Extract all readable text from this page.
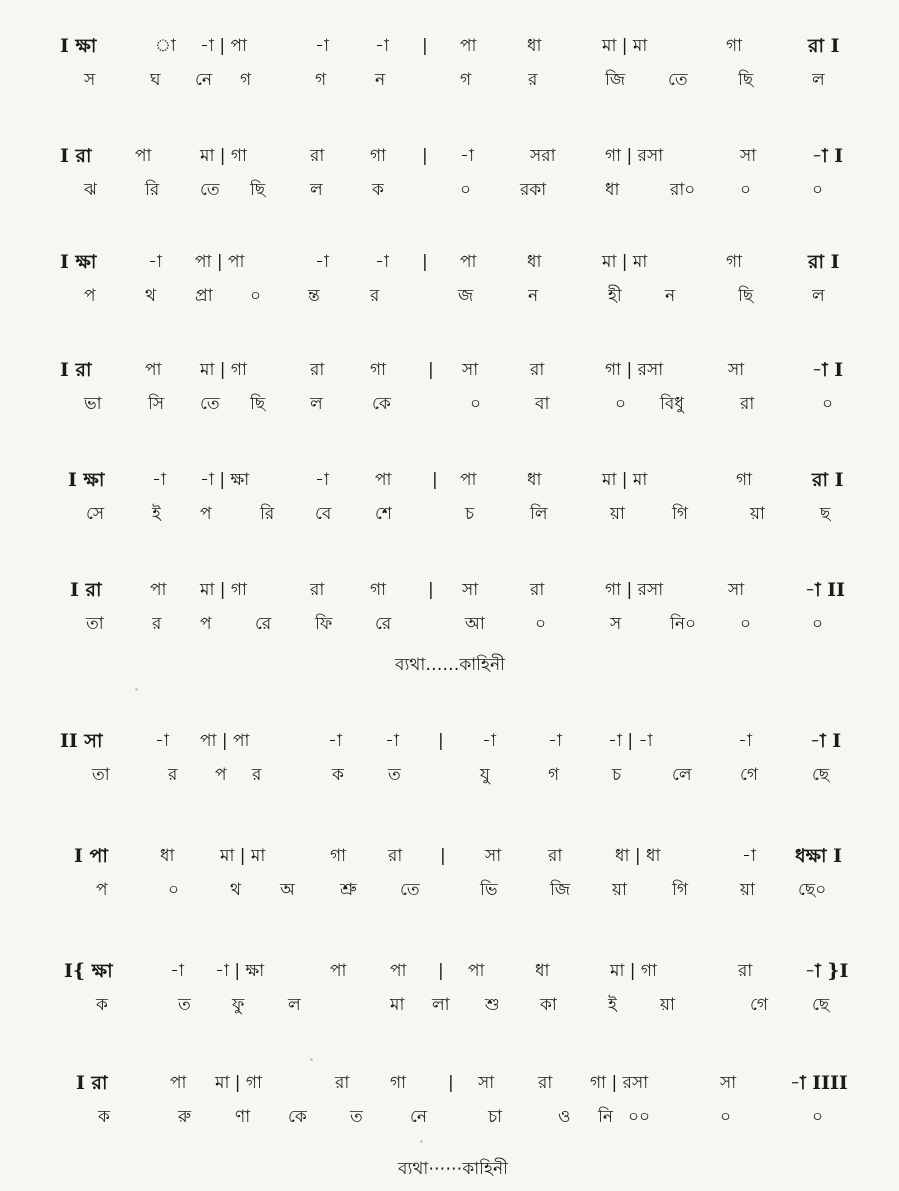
I ক্ষা	া -া | পা	-া	-া | পা	ধা	মা | মা	গা	রা I
স	ঘ নে গ	গ	ন	গ	র	জি	তে	ছি	ল
I রা	পা	মা | গা	রা	গা | -া	সরা	গা | রসা	সা	-া I
ঝ	রি তে ছি	ল	ক	০	রকা	ধা	রা০	০	০
I ক্ষা	-া পা | পা	-া	-া | পা	ধা	মা | মা	গা	রা I
প	থ প্রা ০	ন্ত	র	জ	ন	হী	ন	ছি	ল
I রা	পা মা | গা	রা	গা | সা	রা	গা | রসা	সা	-া I
ভা	সি তে ছি	ল	কে	০	বা	০ বিধু	রা	০
I ক্ষা	-া -া | ক্ষা	-া	পা | পা	ধা	মা | মা	গা	রা I
সে	ই প	রি বে	শে	চ	লি	য়া	গি	য়া	ছ
I রা	পা মা | গা	রা	গা | সা	রা	গা | রসা	সা	-া II
তা	র প	রে	ফি	রে	আ	০	স	নি০	০	০
ব্যথা……কাহিনী
II সা	-া পা | পা	-া	-া | -া	-া	-া | -া	-া	-া I
তা	র প র	ক	ত	যু	গ	চ	লে	গে	ছে
I পা	ধা	মা | মা	গা রা | সা	রা	ধা | ধা	-া ধক্ষা I
প	০	থ অ	শ্রু	তে	ভি	জি য়া	গি	য়া	ছে০
I{ ক্ষা	-া -া | ক্ষা	পা	পা | পা	ধা	মা | গা	রা	-া }I
ক	ত ফু	ল	মা লা শু কা	ই	য়া	গে	ছে
I রা	পা মা | গা	রা গা | সা	রা গা | রসা	সা	-া IIII
ক	রু	ণা কে	ত	নে	চা	ও নি ০০	০	০
ব্যথা⋯⋯কাহিনী
